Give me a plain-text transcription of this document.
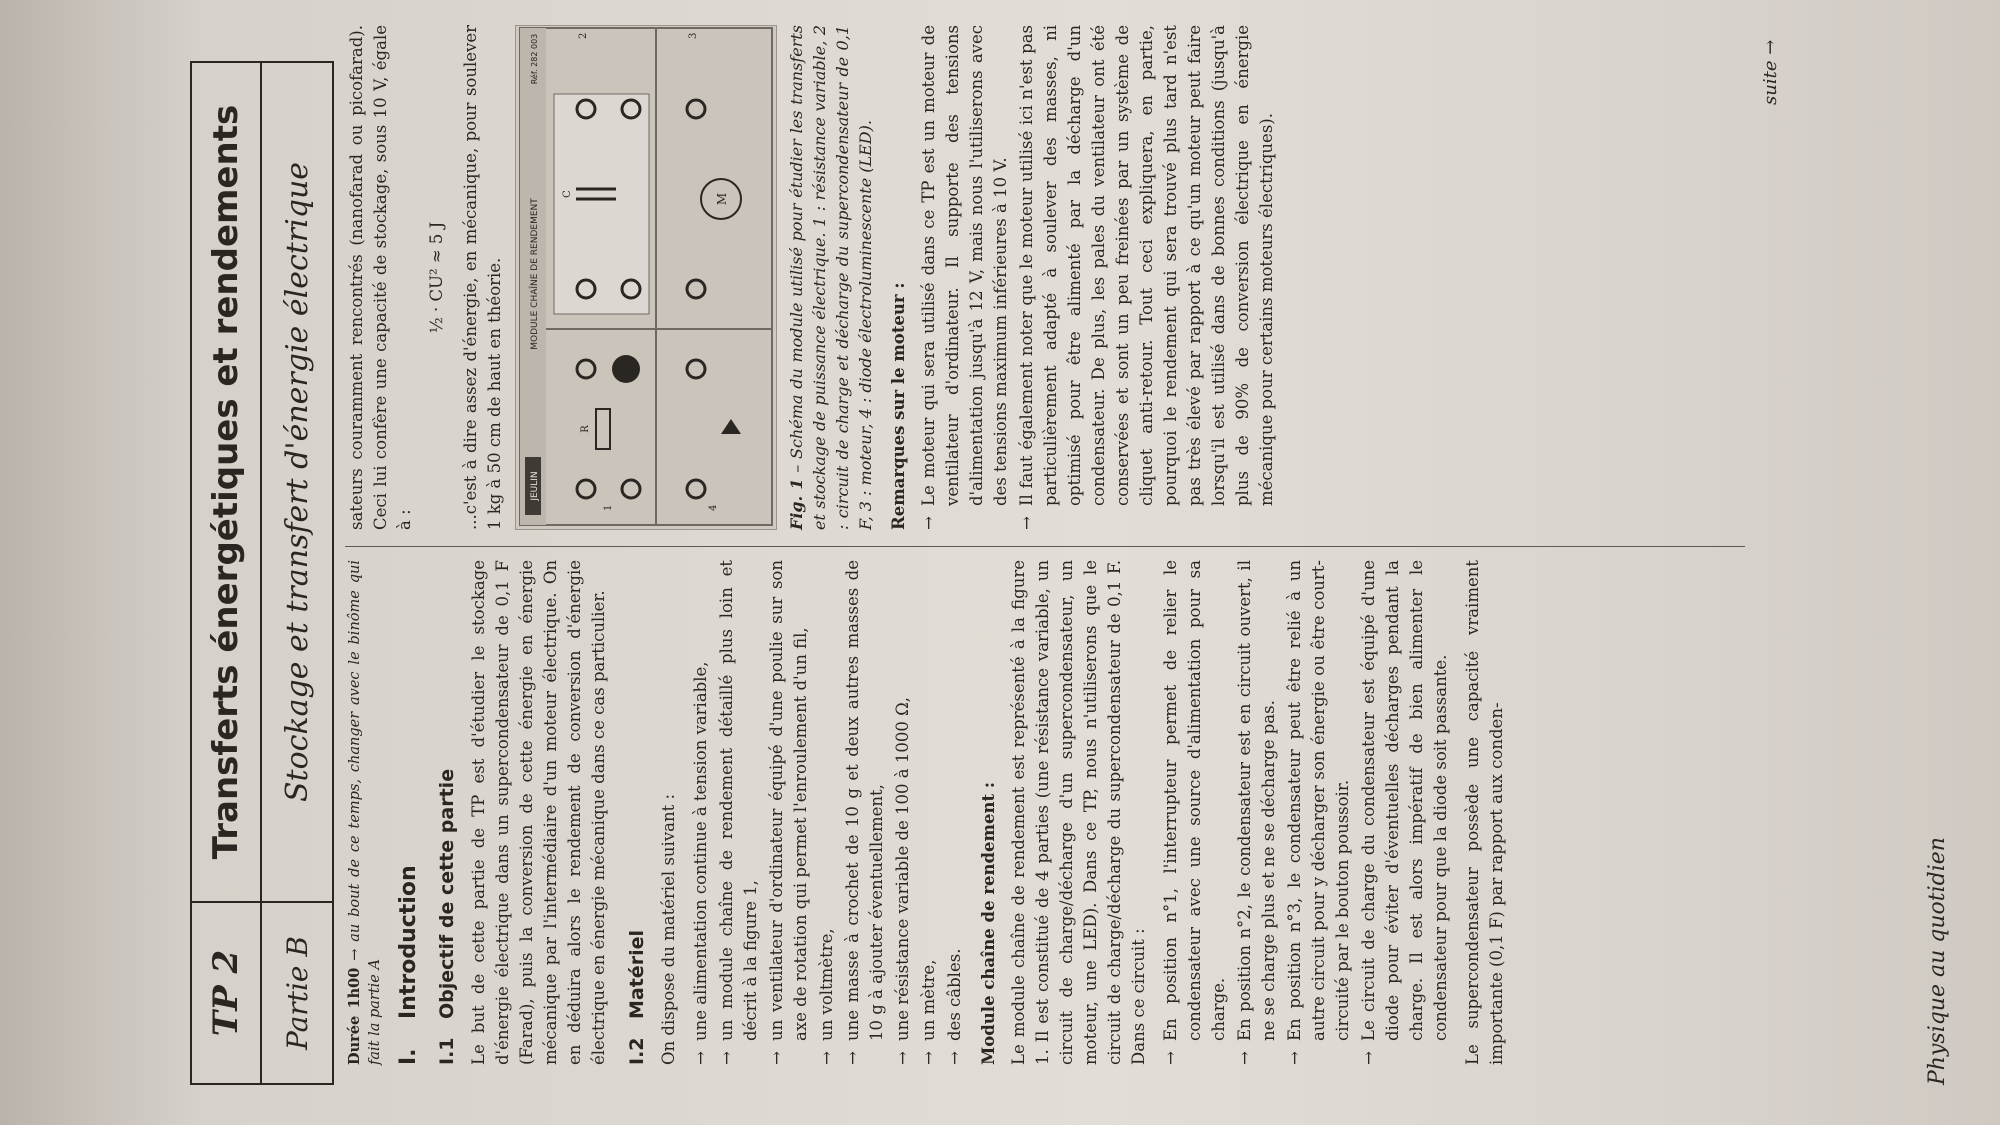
TP 2
Transferts énergétiques et rendements
Partie B
Stockage et transfert d'énergie électrique
Durée 1h00 → au bout de ce temps, changer avec le binôme qui fait la partie A I.Introduction
I.1Objectif de cette partie Le but de cette partie de TP est d'étudier le stockage d'énergie électrique dans un supercondensateur de 0,1 F (Farad), puis la conversion de cette énergie en énergie mécanique par l'intermédiaire d'un moteur électrique. On en déduira alors le rendement de conversion d'énergie électrique en énergie mécanique dans ce cas particulier. I.2Matériel On dispose du matériel suivant : →
une alimentation continue à tension variable,
→
un module chaîne de rendement détaillé plus loin et décrit à la figure 1,
→
un ventilateur d'ordinateur équipé d'une poulie sur son axe de rotation qui permet l'enroulement d'un fil,
→
un voltmètre,
→
une masse à crochet de 10 g et deux autres masses de 10 g à ajouter éventuellement,
→
une résistance variable de 100 à 1000 Ω,
→
un mètre,
→
des câbles. Module chaîne de rendement : Le module chaîne de rendement est représenté à la figure 1. Il est constitué de 4 parties (une résistance variable, un circuit de charge/décharge d'un supercondensateur, un moteur, une LED). Dans ce TP, nous n'utiliserons que le circuit de charge/décharge du supercondensateur de 0,1 F. Dans ce circuit : →
En position n°1, l'interrupteur permet de relier le condensateur avec une source d'alimentation pour sa charge.
→
En position n°2, le condensateur est en circuit ouvert, il ne se charge plus et ne se décharge pas.
→
En position n°3, le condensateur peut être relié à un autre circuit pour y décharger son énergie ou être court-circuité par le bouton poussoir.
→
Le circuit de charge du condensateur est équipé d'une diode pour éviter d'éventuelles décharges pendant la charge. Il est alors impératif de bien alimenter le condensateur pour que la diode soit passante. Le supercondensateur possède une capacité vraiment importante (0,1 F) par rapport aux conden-

sateurs couramment rencontrés (nanofarad ou picofarad). Ceci lui confère une capacité de stockage, sous 10 V, égale à :

½ · CU² ≈ 5 J ...c'est à dire assez d'énergie, en mécanique, pour soulever 1 kg à 50 cm de haut en théorie.	JEULIN
MODULE CHAÎNE DE RENDEMENT
Réf. 282 003
R
1
C
2
4
M
3

Fig. 1 – Schéma du module utilisé pour étudier les transferts et stockage de puissance électrique. 1 : résistance variable, 2 : circuit de charge et décharge du supercondensateur de 0,1 F, 3 : moteur, 4 : diode électroluminescente (LED). Remarques sur le moteur : →
Le moteur qui sera utilisé dans ce TP est un moteur de ventilateur d'ordinateur. Il supporte des tensions d'alimentation jusqu'à 12 V, mais nous l'utiliserons avec des tensions maximum inférieures à 10 V.
→
Il faut également noter que le moteur utilisé ici n'est pas particulièrement adapté à soulever des masses, ni optimisé pour être alimenté par la décharge d'un condensateur. De plus, les pales du ventilateur ont été conservées et sont un peu freinées par un système de cliquet anti-retour. Tout ceci expliquera, en partie, pourquoi le rendement qui sera trouvé plus tard n'est pas très élevé par rapport à ce qu'un moteur peut faire lorsqu'il est utilisé dans de bonnes conditions (jusqu'à plus de 90% de conversion électrique en énergie mécanique pour certains moteurs électriques).
suite →
Physique au quotidien
